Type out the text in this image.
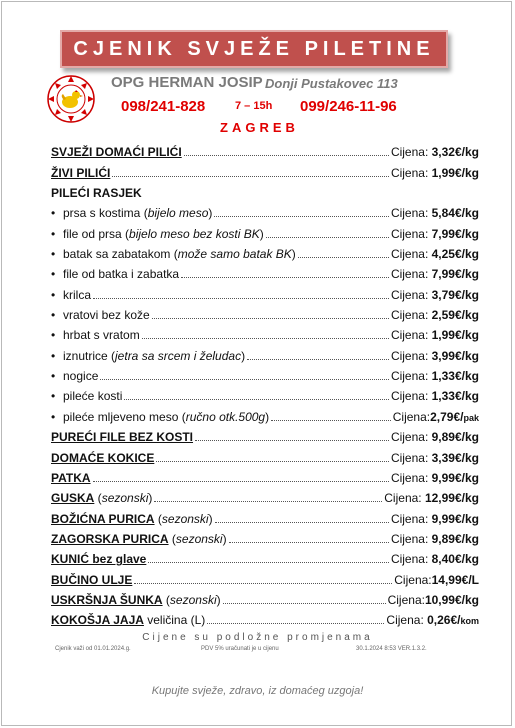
CJENIK SVJEŽE PILETINE
OPG HERMAN JOSIP Donji Pustakovec 113
098/241-828	7 – 15h 099/246-11-96
ZAGREB
SVJEŽI DOMAĆI PILIĆI	Cijena: 3,32€/kg
ŽIVI PILIĆI	Cijena: 1,99€/kg
PILEĆI RASJEK
• prsa s kostima (bijelo meso)	Cijena: 5,84€/kg
• file od prsa (bijelo meso bez kosti BK)	Cijena: 7,99€/kg
• batak sa zabatakom (može samo batak BK)	Cijena: 4,25€/kg
• file od batka i zabatka	Cijena: 7,99€/kg
• krilca	Cijena: 3,79€/kg
• vratovi bez kože	Cijena: 2,59€/kg
• hrbat s vratom	Cijena: 1,99€/kg
• iznutrice (jetra sa srcem i želudac)	Cijena: 3,99€/kg
• nogice	Cijena: 1,33€/kg
• pileće kosti	Cijena: 1,33€/kg
• pileće mljeveno meso (ručno otk.500g)	Cijena:2,79€/pak
PUREĆI FILE BEZ KOSTI	Cijena: 9,89€/kg
DOMAĆE KOKICE	Cijena: 3,39€/kg
PATKA	Cijena: 9,99€/kg
GUSKA (sezonski)	Cijena: 12,99€/kg
BOŽIĆNA PURICA (sezonski)	Cijena: 9,99€/kg
ZAGORSKA PURICA (sezonski)	Cijena: 9,89€/kg
KUNIĆ bez glave	Cijena: 8,40€/kg
BUČINO ULJE	Cijena:14,99€/L
USKRŠNJA ŠUNKA (sezonski)	Cijena:10,99€/kg
KOKOŠJA JAJA veličina (L)	Cijena: 0,26€/kom
Cijene su podložne promjenama
Cjenik važi od 01.01.2024.g.	PDV 5% uračunati je u cijenu	30.1.2024 8:53 VER.1.3.2.
Kupujte svježe, zdravo, iz domaćeg uzgoja!
